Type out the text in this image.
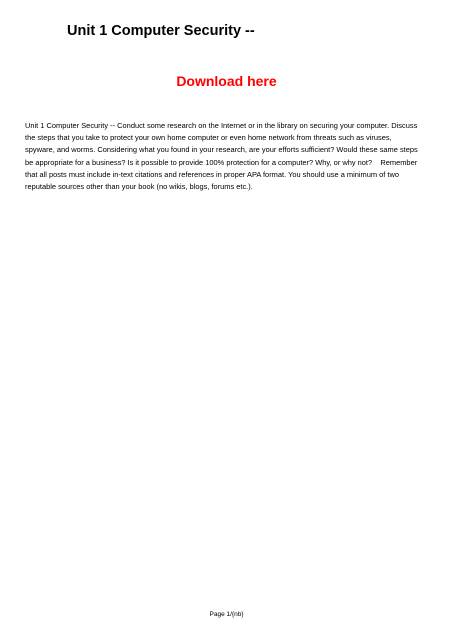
Unit 1 Computer Security --
Download here

Unit 1 Computer Security -- Conduct some research on the Internet or in the library on securing your computer. Discuss
the steps that you take to protect your own home computer or even home network from threats such as viruses,
spyware, and worms. Considering what you found in your research, are your efforts sufficient? Would these same steps
be appropriate for a business? Is it possible to provide 100% protection for a computer? Why, or why not?    Remember
that all posts must include in-text citations and references in proper APA format. You should use a minimum of two
reputable sources other than your book (no wikis, blogs, forums etc.).

Page 1/{nb}
